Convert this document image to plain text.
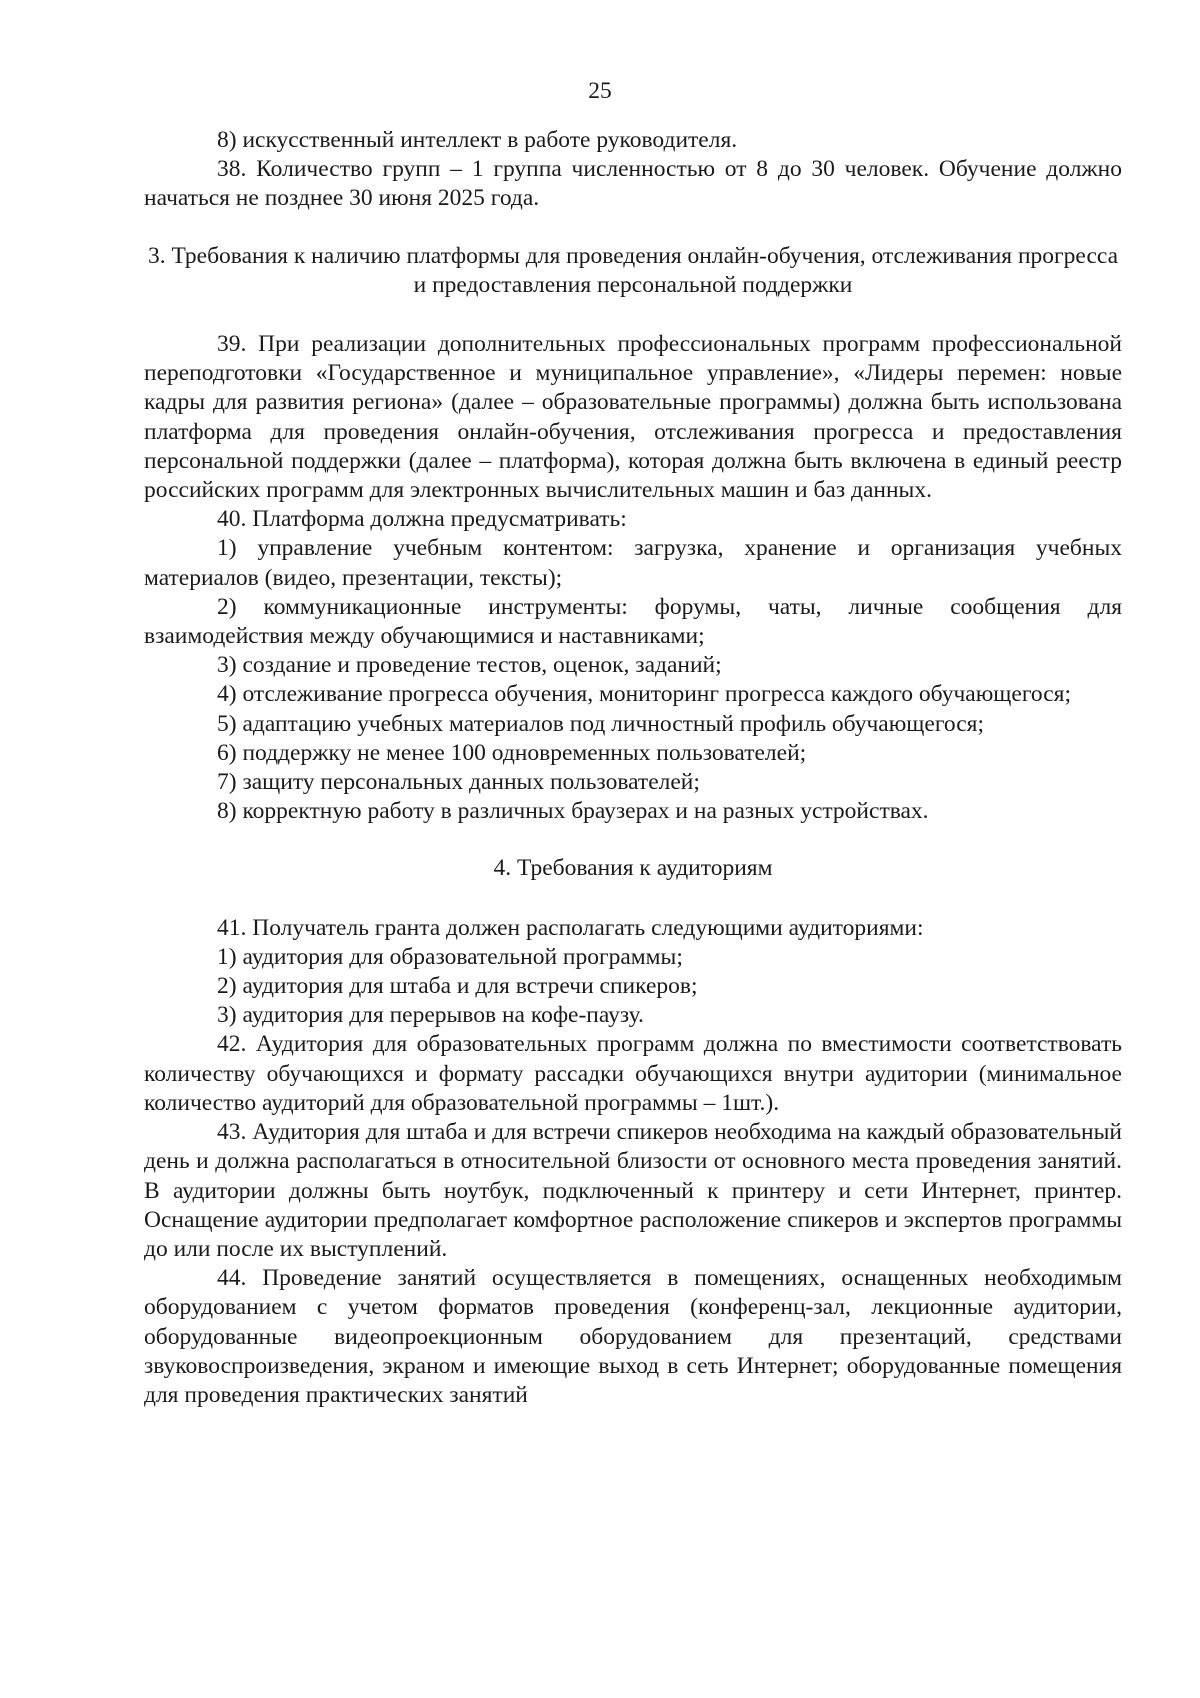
25

8) искусственный интеллект в работе руководителя.

38. Количество групп – 1 группа численностью от 8 до 30 человек. Обучение должно начаться не позднее 30 июня 2025 года.

3. Требования к наличию платформы для проведения онлайн-обучения, отслеживания прогресса и предоставления персональной поддержки

39. При реализации дополнительных профессиональных программ профессиональной переподготовки «Государственное и муниципальное управление», «Лидеры перемен: новые кадры для развития региона» (далее – образовательные программы) должна быть использована платформа для проведения онлайн-обучения, отслеживания прогресса и предоставления персональной поддержки (далее – платформа), которая должна быть включена в единый реестр российских программ для электронных вычислительных машин и баз данных.

40. Платформа должна предусматривать:

1) управление учебным контентом: загрузка, хранение и организация учебных материалов (видео, презентации, тексты);

2) коммуникационные инструменты: форумы, чаты, личные сообщения для взаимодействия между обучающимися и наставниками;

3) создание и проведение тестов, оценок, заданий;

4) отслеживание прогресса обучения, мониторинг прогресса каждого обучающегося;

5) адаптацию учебных материалов под личностный профиль обучающегося;

6) поддержку не менее 100 одновременных пользователей;

7) защиту персональных данных пользователей;

8) корректную работу в различных браузерах и на разных устройствах.

4. Требования к аудиториям

41. Получатель гранта должен располагать следующими аудиториями:

1) аудитория для образовательной программы;

2) аудитория для штаба и для встречи спикеров;

3) аудитория для перерывов на кофе-паузу.

42. Аудитория для образовательных программ должна по вместимости соответствовать количеству обучающихся и формату рассадки обучающихся внутри аудитории (минимальное количество аудиторий для образовательной программы – 1шт.).

43. Аудитория для штаба и для встречи спикеров необходима на каждый образовательный день и должна располагаться в относительной близости от основного места проведения занятий. В аудитории должны быть ноутбук, подключенный к принтеру и сети Интернет, принтер. Оснащение аудитории предполагает комфортное расположение спикеров и экспертов программы до или после их выступлений.

44. Проведение занятий осуществляется в помещениях, оснащенных необходимым оборудованием с учетом форматов проведения (конференц-зал, лекционные аудитории, оборудованные видеопроекционным оборудованием для презентаций, средствами звуковоспроизведения, экраном и имеющие выход в сеть Интернет; оборудованные помещения для проведения практических занятий
